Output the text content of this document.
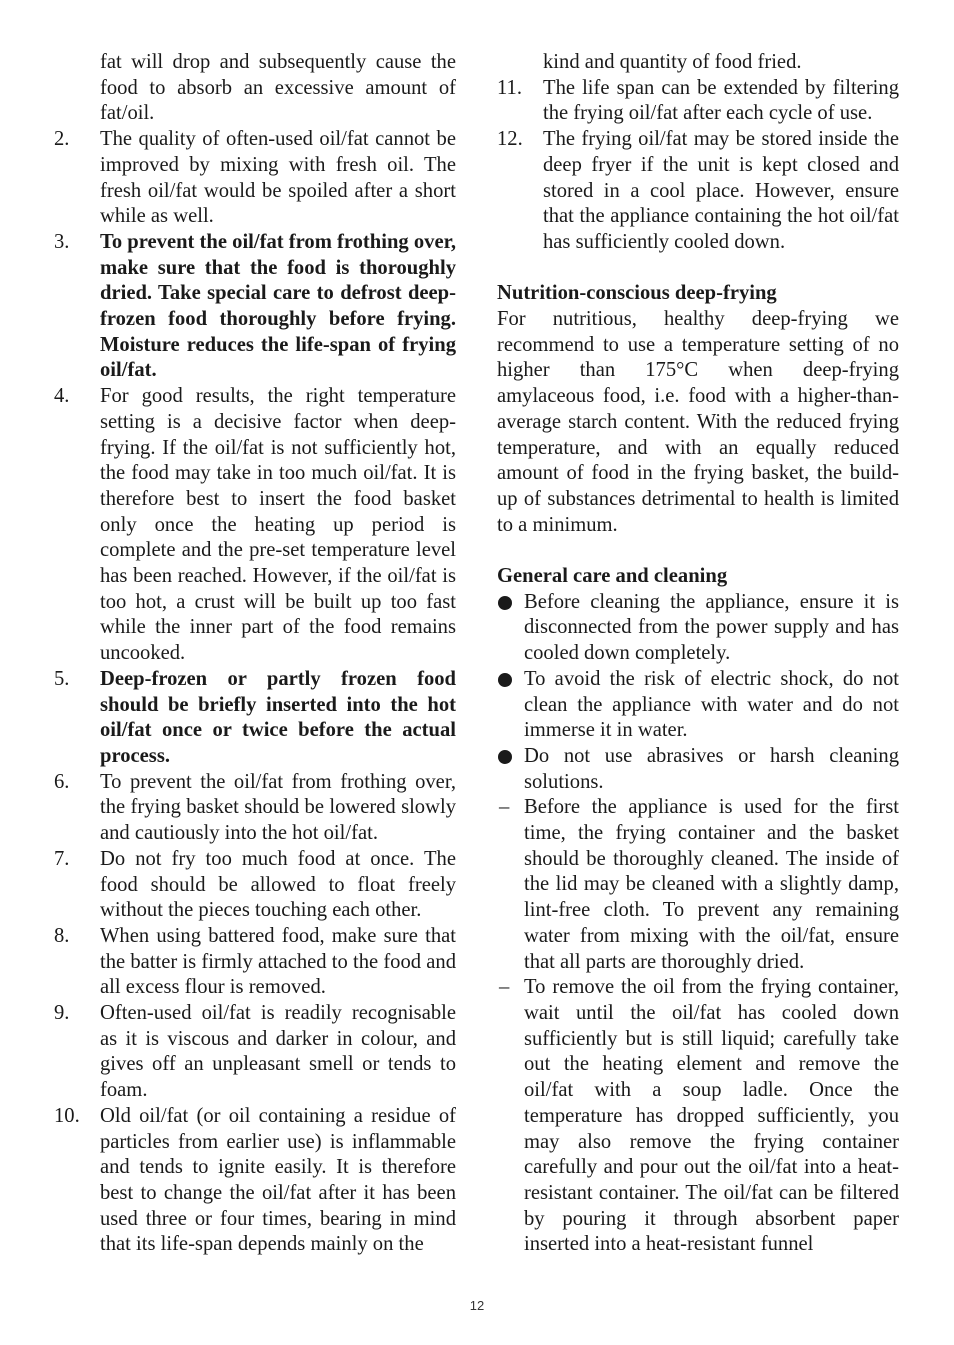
fat will drop and subsequently cause the food to absorb an excessive amount of fat/oil.
2.	The quality of often-used oil/fat cannot be improved by mixing with fresh oil. The fresh oil/fat would be spoiled after a short while as well.
3.	To prevent the oil/fat from frothing over, make sure that the food is thoroughly dried. Take special care to defrost deep-frozen food thoroughly before frying. Moisture reduces the life-span of frying oil/fat.
4.	For good results, the right temperature setting is a decisive factor when deep-frying. If the oil/fat is not sufficiently hot, the food may take in too much oil/fat. It is therefore best to insert the food basket only once the heating up period is complete and the pre-set temperature level has been reached. However, if the oil/fat is too hot, a crust will be built up too fast while the inner part of the food remains uncooked.
5.	Deep-frozen or partly frozen food should be briefly inserted into the hot oil/fat once or twice before the actual process.
6.	To prevent the oil/fat from frothing over, the frying basket should be lowered slowly and cautiously into the hot oil/fat.
7.	Do not fry too much food at once. The food should be allowed to float freely without the pieces touching each other.
8.	When using battered food, make sure that the batter is firmly attached to the food and all excess flour is removed.
9.	Often-used oil/fat is readily recognisable as it is viscous and darker in colour, and gives off an unpleasant smell or tends to foam.
10. Old oil/fat (or oil containing a residue of particles from earlier use) is inflammable and tends to ignite easily. It is therefore best to change the oil/fat after it has been used three or four times, bearing in mind that its life-span depends mainly on the
kind and quantity of food fried.
11.	The life span can be extended by filtering the frying oil/fat after each cycle of use.
12. The frying oil/fat may be stored inside the deep fryer if the unit is kept closed and stored in a cool place. However, ensure that the appliance containing the hot oil/fat has sufficiently cooled down.
Nutrition-conscious deep-frying
For nutritious, healthy deep-frying we recommend to use a temperature setting of no higher than 175°C when deep-frying amylaceous food, i.e. food with a higher-than-average starch content. With the reduced frying temperature, and with an equally reduced amount of food in the frying basket, the build-up of substances detrimental to health is limited to a minimum.
General care and cleaning
Before cleaning the appliance, ensure it is disconnected from the power supply and has cooled down completely.
To avoid the risk of electric shock, do not clean the appliance with water and do not immerse it in water.
Do not use abrasives or harsh cleaning solutions.
– Before the appliance is used for the first time, the frying container and the basket should be thoroughly cleaned. The inside of the lid may be cleaned with a slightly damp, lint-free cloth. To prevent any remaining water from mixing with the oil/fat, ensure that all parts are thoroughly dried.
– To remove the oil from the frying container, wait until the oil/fat has cooled down sufficiently but is still liquid; carefully take out the heating element and remove the oil/fat with a soup ladle. Once the temperature has dropped sufficiently, you may also remove the frying container carefully and pour out the oil/fat into a heat-resistant container. The oil/fat can be filtered by pouring it through absorbent paper inserted into a heat-resistant funnel
12
